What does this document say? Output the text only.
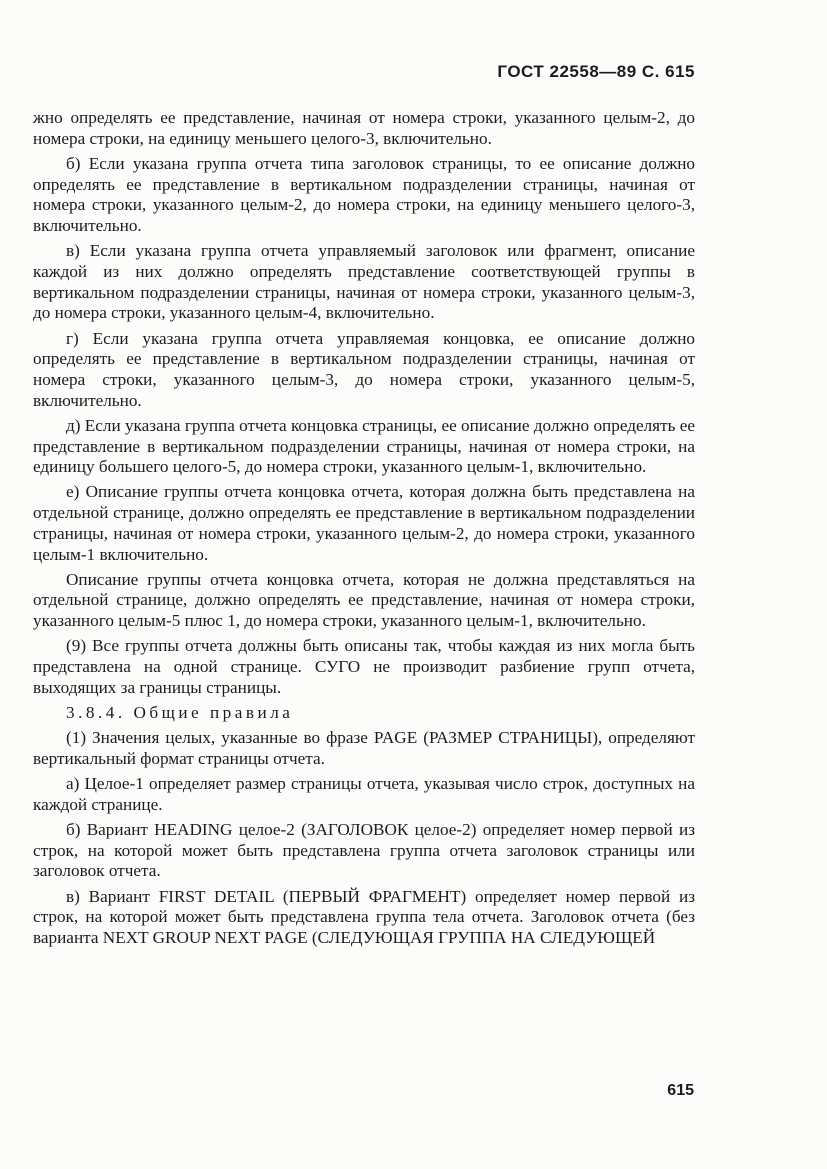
ГОСТ 22558—89 С. 615

жно определять ее представление, начиная от номера строки, указанного целым-2, до номера строки, на единицу меньшего целого-3, включительно.

б) Если указана группа отчета типа заголовок страницы, то ее описание должно определять ее представление в вертикальном подразделении страницы, начиная от номера строки, указанного целым-2, до номера строки, на единицу меньшего целого-3, включительно.

в) Если указана группа отчета управляемый заголовок или фрагмент, описание каждой из них должно определять представление соответствующей группы в вертикальном подразделении страницы, начиная от номера строки, указанного целым-3, до номера строки, указанного целым-4, включительно.

г) Если указана группа отчета управляемая концовка, ее описание должно определять ее представление в вертикальном подразделении страницы, начиная от номера строки, указанного целым-3, до номера строки, указанного целым-5, включительно.

д) Если указана группа отчета концовка страницы, ее описание должно определять ее представление в вертикальном подразделении страницы, начиная от номера строки, на единицу большего целого-5, до номера строки, указанного целым-1, включительно.

е) Описание группы отчета концовка отчета, которая должна быть представлена на отдельной странице, должно определять ее представление в вертикальном подразделении страницы, начиная от номера строки, указанного целым-2, до номера строки, указанного целым-1 включительно.

Описание группы отчета концовка отчета, которая не должна представляться на отдельной странице, должно определять ее представление, начиная от номера строки, указанного целым-5 плюс 1, до номера строки, указанного целым-1, включительно.

(9) Все группы отчета должны быть описаны так, чтобы каждая из них могла быть представлена на одной странице. СУГО не производит разбиение групп отчета, выходящих за границы страницы.

3.8.4. Общие правила

(1) Значения целых, указанные во фразе PAGE (РАЗМЕР СТРАНИЦЫ), определяют вертикальный формат страницы отчета.

а) Целое-1 определяет размер страницы отчета, указывая число строк, доступных на каждой странице.

б) Вариант HEADING целое-2 (ЗАГОЛОВОК целое-2) определяет номер первой из строк, на которой может быть представлена группа отчета заголовок страницы или заголовок отчета.

в) Вариант FIRST DETAIL (ПЕРВЫЙ ФРАГМЕНТ) определяет номер первой из строк, на которой может быть представлена группа тела отчета. Заголовок отчета (без варианта NEXT GROUP NEXT PAGE (СЛЕДУЮЩАЯ ГРУППА НА СЛЕДУЮЩЕЙ

615
